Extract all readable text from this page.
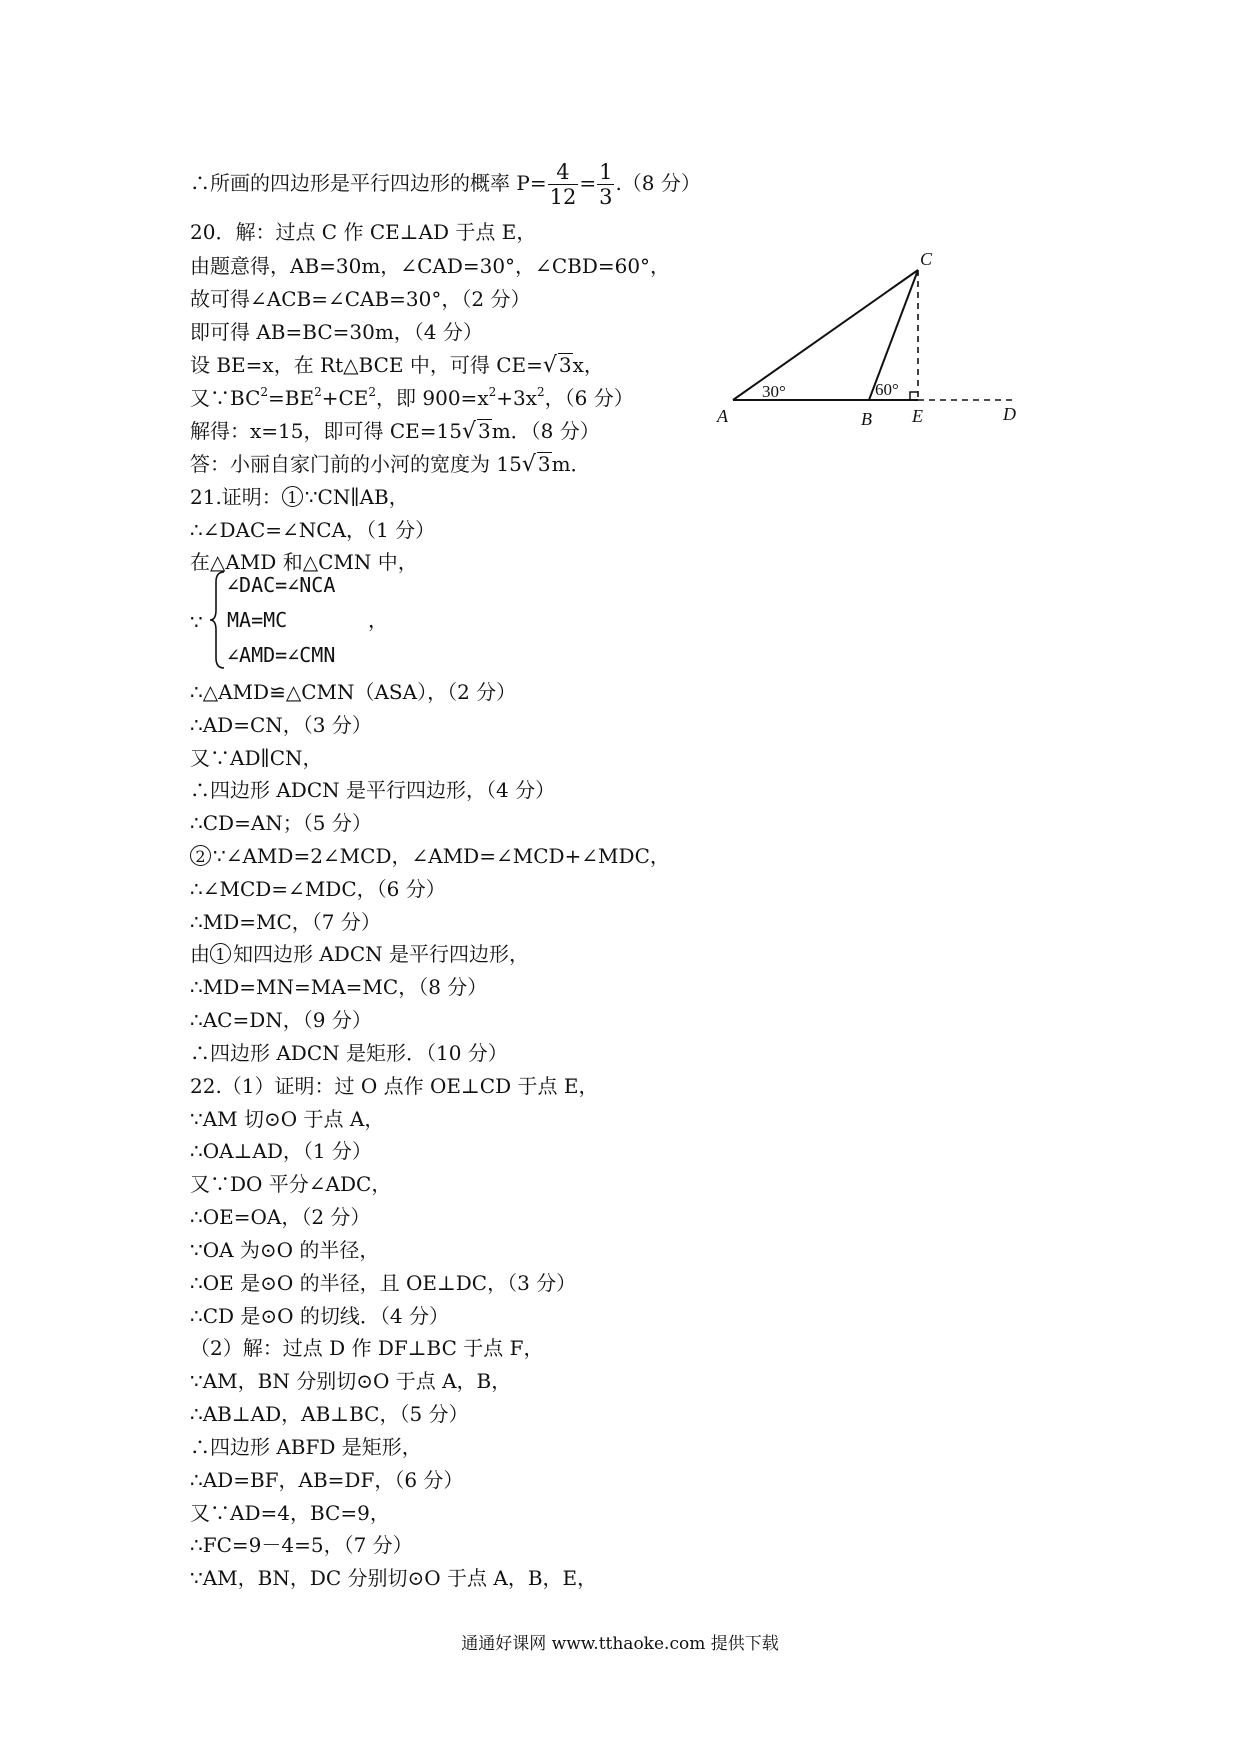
∴所画的四边形是平行四边形的概率 $P= \frac{4}{12} = \frac{1}{3} .(8$ 分）
20．解：过点 C 作 CE⊥AD 于点 E，
由题意得，AB=30m，∠CAD=30°，∠CBD=60°，
故可得∠ACB=∠CAB=30°，（2 分）
即可得 AB=BC=30m，（4 分）
设 BE=x，在 Rt△BCE 中，可得 CE=√ 3x，
又$\because BC^2=BE^2+CE^2$，即 $900=x^2+3x^2$，（6 分）
解得：x=15，即可得 CE=15√ 3m．（8 分）
答：小丽自家门前的小河的宽度为 15√ 3m．
C
A	B E	D
30°	60°
21.证明： 1 ∵CN∥AB，
∴∠DAC=∠NCA，（1 分）
在△AMD 和△CMN 中，
∵
∠DAC=∠NCA
MA=MC	，
∠AMD=∠CMN
∴△AMD≌△CMN（ASA），（2 分）
∴AD=CN，（3 分）
又∵AD∥CN，
∴四边形 ADCN 是平行四边形，（4 分）
∴CD=AN；（5 分）
2 ∵∠AMD=2∠MCD，∠AMD=∠MCD+∠MDC，
∴∠MCD=∠MDC，（6 分）
∴MD=MC，（7 分）
由 1 知四边形 ADCN 是平行四边形，
∴MD=MN=MA=MC，（8 分）
∴AC=DN，（9 分）
∴四边形 ADCN 是矩形．（10 分）
22.（1）证明：过 O 点作 OE⊥CD 于点 E，
∵AM 切⊙O 于点 A，
∴OA⊥AD，（1 分）
又∵DO 平分∠ADC，
∴OE=OA，（2 分）
∵OA 为⊙O 的半径，
∴OE 是⊙O 的半径，且 OE⊥DC，（3 分）
∴CD 是⊙O 的切线．（4 分）
（2）解：过点 D 作 DF⊥BC 于点 F，
∵AM，BN 分别切⊙O 于点 A，B，
∴AB⊥AD，AB⊥BC，（5 分）
∴四边形 ABFD 是矩形，
∴AD=BF，AB=DF，（6 分）
又∵AD=4，BC=9，
∴FC=9－4=5，（7 分）
∵AM，BN，DC 分别切⊙O 于点 A，B，E，
通通好课网 www.tthaoke.com 提供下载
